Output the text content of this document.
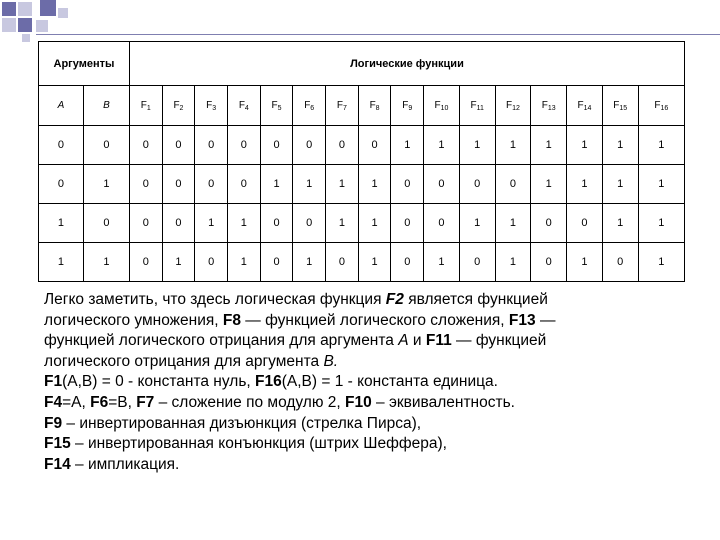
Аргументы		Логические функции															
A	B	$F_1$	$F_2$	$F_3$	$F_4$	$F_5$	$F_6$	$F_7$	$F_8$	$F_9$	$F_{10}$	$F_{11}$	$F_{12}$	$F_{13}$	$F_{14}$	$F_{15}$	$F_{16}$
0	0	0	0	0	0	0	0	0	0	1	1	1	1	1	1	1	1
0	1	0	0	0	0	1	1	1	1	0	0	0	0	1	1	1	1
1	0	0	0	1	1	0	0	1	1	0	0	1	1	0	0	1	1
1	1	0	1	0	1	0	1	0	1	0	1	0	1	0	1	0	1
Легко заметить, что здесь логическая функция F2 является функцией
логического умножения, F8 — функцией логического сложения, F13 —
функцией логического отрицания для аргумента А и F11 — функцией
логического отрицания для аргумента В.
F1(А,В) = 0 - константа нуль, F16(А,В) = 1 - константа единица.
F4=А, F6=В, F7 – сложение по модулю 2, F10 – эквивалентность.
F9 – инвертированная дизъюнкция (стрелка Пирса),
F15 – инвертированная конъюнкция (штрих Шеффера),
F14 – импликация.
